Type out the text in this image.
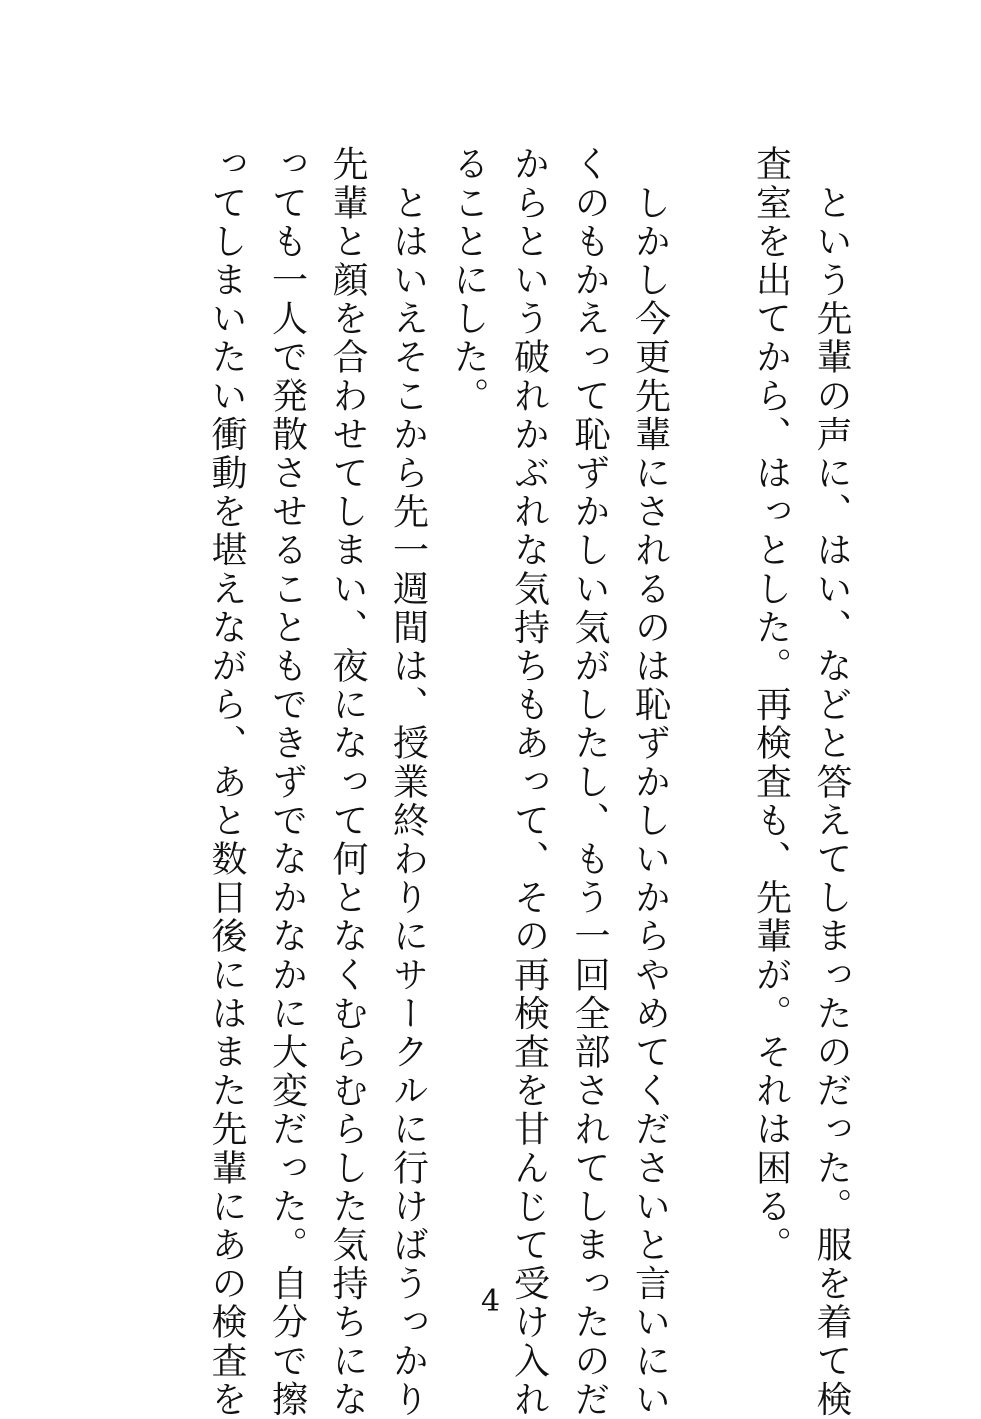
　という先輩の声に、はい、などと答えてしまったのだった。服を着て検
査室を出てから、はっとした。再検査も、先輩が。それは困る。

　しかし今更先輩にされるのは恥ずかしいからやめてくださいと言いにい
くのもかえって恥ずかしい気がしたし、もう一回全部されてしまったのだ
からという破れかぶれな気持ちもあって、その再検査を甘んじて受け入れ
ることにした。
　とはいえそこから先一週間は、授業終わりにサークルに行けばうっかり
先輩と顔を合わせてしまい、夜になって何となくむらむらした気持ちにな
っても一人で発散させることもできずでなかなかに大変だった。自分で擦
ってしまいたい衝動を堪えながら、あと数日後にはまた先輩にあの検査を	4
